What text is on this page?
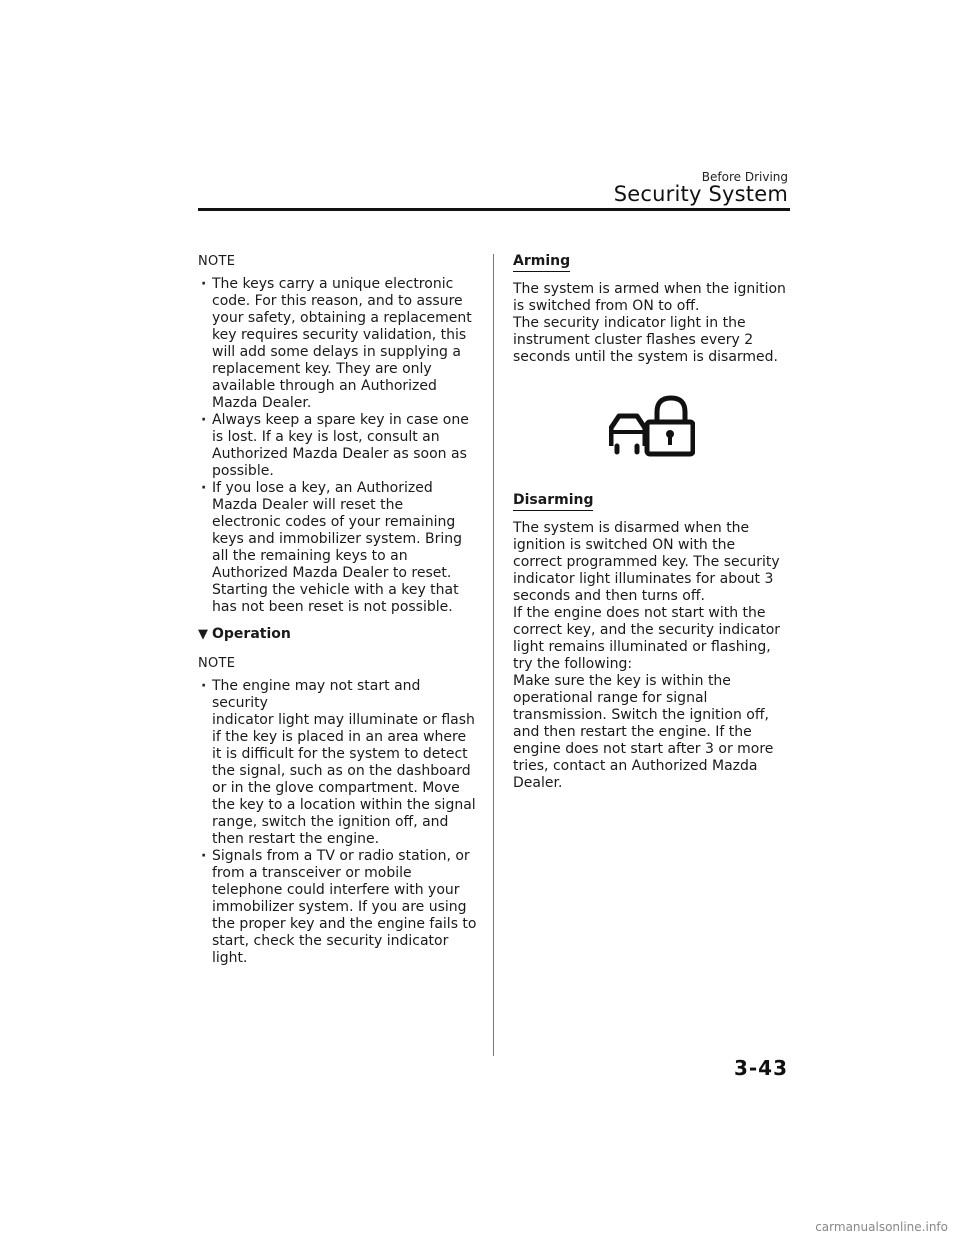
Before Driving
Security System
NOTE
· The keys carry a unique electronic
code. For this reason, and to assure
your safety, obtaining a replacement
key requires security validation, this
will add some delays in supplying a
replacement key. They are only
available through an Authorized
Mazda Dealer.
· Always keep a spare key in case one
is lost. If a key is lost, consult an
Authorized Mazda Dealer as soon as
possible.
· If you lose a key, an Authorized
Mazda Dealer will reset the
electronic codes of your remaining
keys and immobilizer system. Bring
all the remaining keys to an
Authorized Mazda Dealer to reset.
Starting the vehicle with a key that
has not been reset is not possible.
▼ Operation
NOTE
· The engine may not start and security
indicator light may illuminate or flash
if the key is placed in an area where
it is difficult for the system to detect
the signal, such as on the dashboard
or in the glove compartment. Move
the key to a location within the signal
range, switch the ignition off, and
then restart the engine.
· Signals from a TV or radio station, or
from a transceiver or mobile
telephone could interfere with your
immobilizer system. If you are using
the proper key and the engine fails to
start, check the security indicator
light.
Arming

The system is armed when the ignition
is switched from ON to off.
The security indicator light in the
instrument cluster flashes every 2
seconds until the system is disarmed.

Disarming

The system is disarmed when the
ignition is switched ON with the
correct programmed key. The security
indicator light illuminates for about 3
seconds and then turns off.
If the engine does not start with the
correct key, and the security indicator
light remains illuminated or flashing,
try the following:
Make sure the key is within the
operational range for signal
transmission. Switch the ignition off,
and then restart the engine. If the
engine does not start after 3 or more
tries, contact an Authorized Mazda
Dealer.

3-43
carmanualsonline.info
